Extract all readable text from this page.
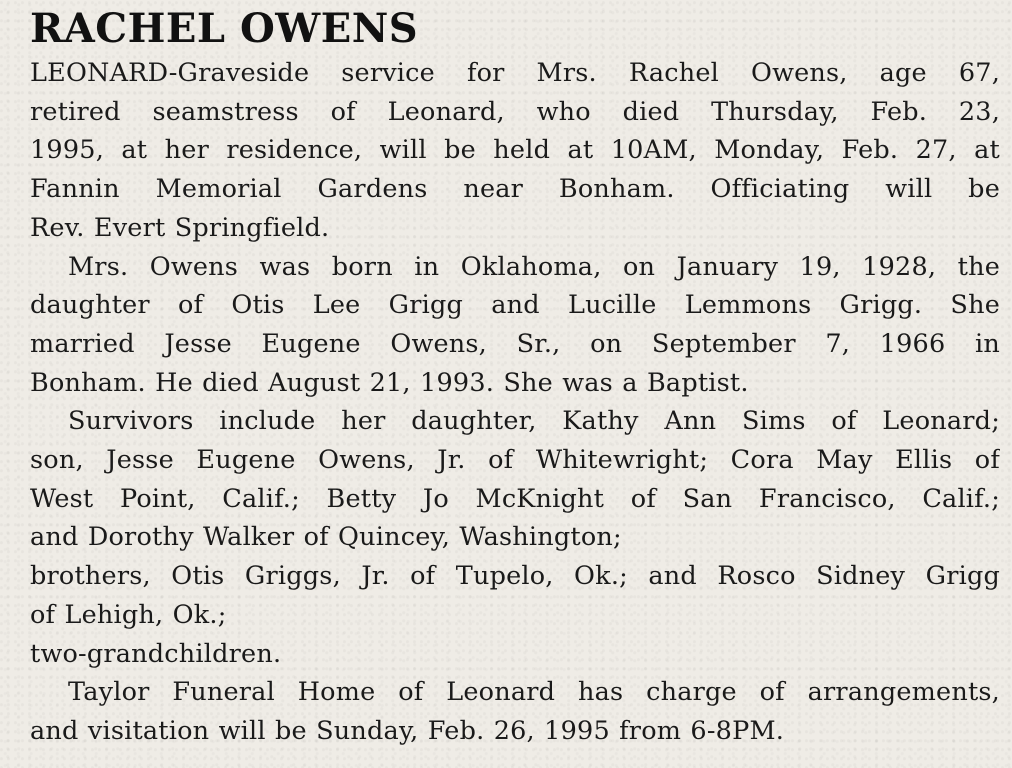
RACHEL OWENS
LEONARD-Graveside service for Mrs. Rachel Owens, age 67,
retired seamstress of Leonard, who died Thursday, Feb. 23,
1995, at her residence, will be held at 10AM, Monday, Feb. 27, at
Fannin Memorial Gardens near Bonham. Officiating will be
Rev. Evert Springfield.
Mrs. Owens was born in Oklahoma, on January 19, 1928, the
daughter of Otis Lee Grigg and Lucille Lemmons Grigg. She
married Jesse Eugene Owens, Sr., on September 7, 1966 in
Bonham. He died August 21, 1993. She was a Baptist.
Survivors include her daughter, Kathy Ann Sims of Leonard;
son, Jesse Eugene Owens, Jr. of Whitewright; Cora May Ellis of
West Point, Calif.; Betty Jo McKnight of San Francisco, Calif.;
and Dorothy Walker of Quincey, Washington;
brothers, Otis Griggs, Jr. of Tupelo, Ok.; and Rosco Sidney Grigg
of Lehigh, Ok.;
two-grandchildren.
Taylor Funeral Home of Leonard has charge of arrangements,
and visitation will be Sunday, Feb. 26, 1995 from 6-8PM.
